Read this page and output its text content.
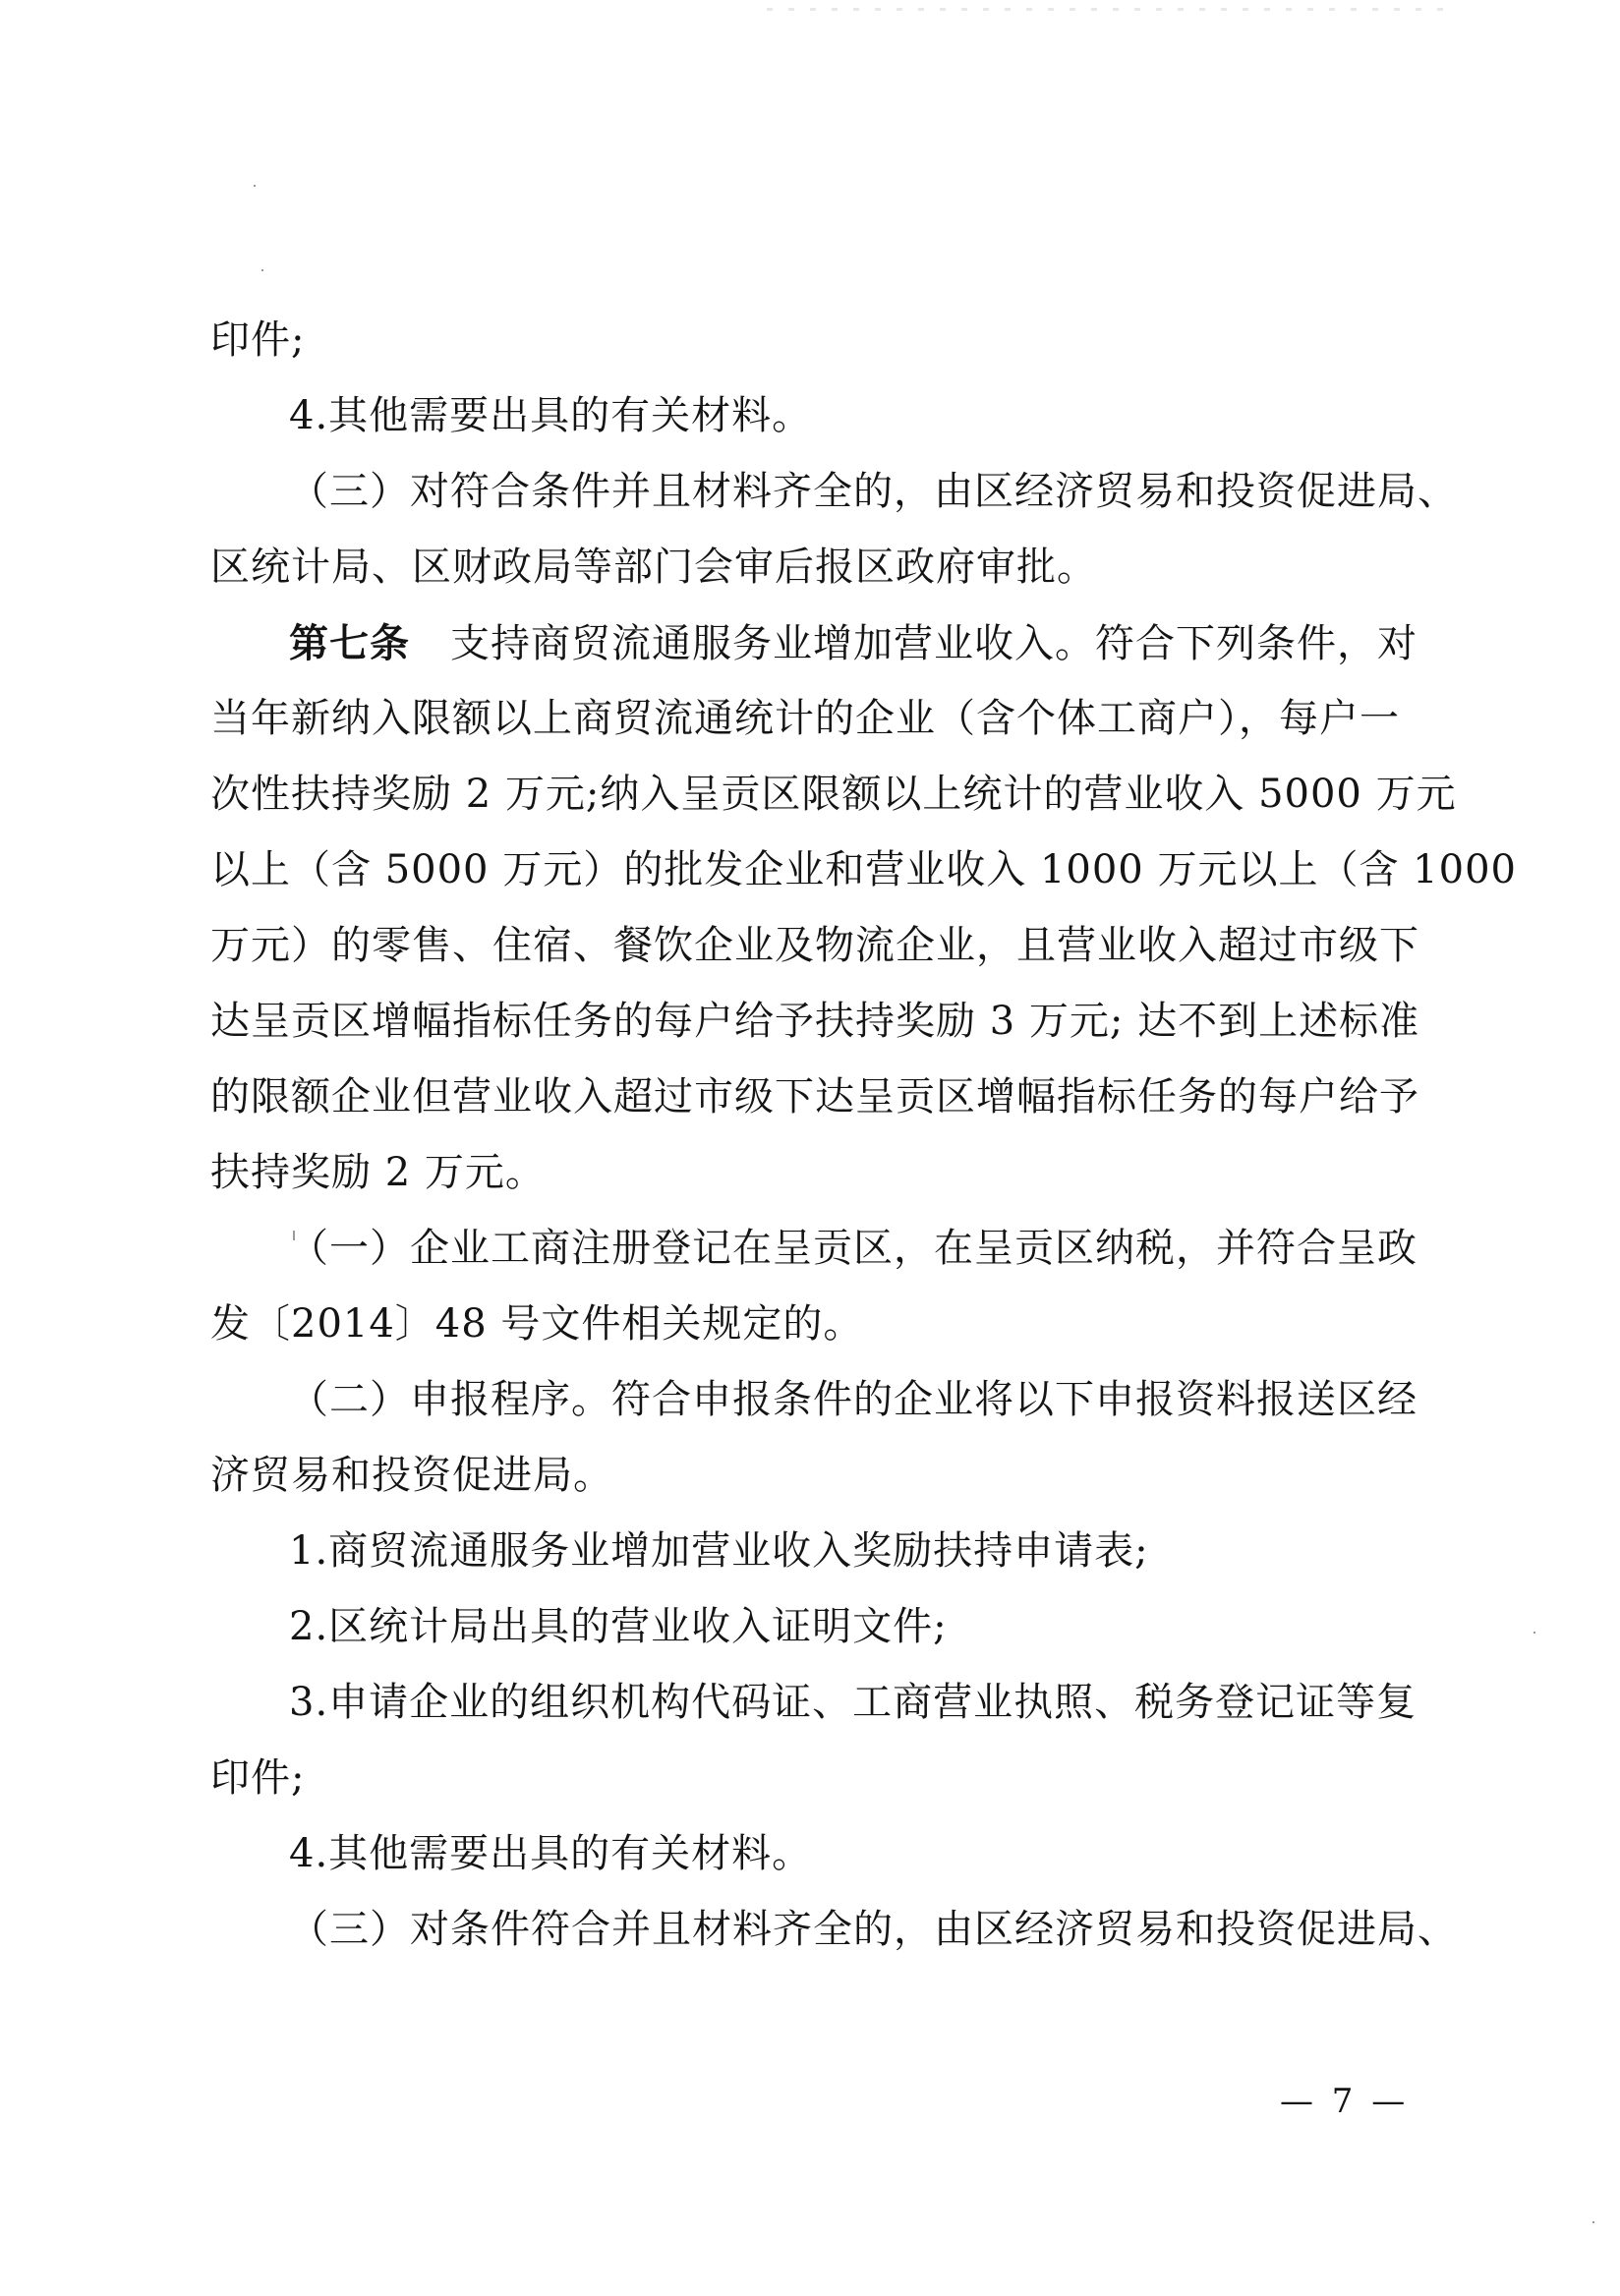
印件;
4.其他需要出具的有关材料。
（三）对符合条件并且材料齐全的，由区经济贸易和投资促进局、
区统计局、区财政局等部门会审后报区政府审批。
第七条　支持商贸流通服务业增加营业收入。符合下列条件，对
当年新纳入限额以上商贸流通统计的企业（含个体工商户），每户一
次性扶持奖励 2 万元;纳入呈贡区限额以上统计的营业收入 5000 万元
以上（含 5000 万元）的批发企业和营业收入 1000 万元以上（含 1000
万元）的零售、住宿、餐饮企业及物流企业，且营业收入超过市级下
达呈贡区增幅指标任务的每户给予扶持奖励 3 万元; 达不到上述标准
的限额企业但营业收入超过市级下达呈贡区增幅指标任务的每户给予
扶持奖励 2 万元。
（一）企业工商注册登记在呈贡区，在呈贡区纳税，并符合呈政
发〔2014〕48 号文件相关规定的。
（二）申报程序。符合申报条件的企业将以下申报资料报送区经
济贸易和投资促进局。
1.商贸流通服务业增加营业收入奖励扶持申请表;
2.区统计局出具的营业收入证明文件;
3.申请企业的组织机构代码证、工商营业执照、税务登记证等复
印件;
4.其他需要出具的有关材料。
（三）对条件符合并且材料齐全的，由区经济贸易和投资促进局、
— 7 —
